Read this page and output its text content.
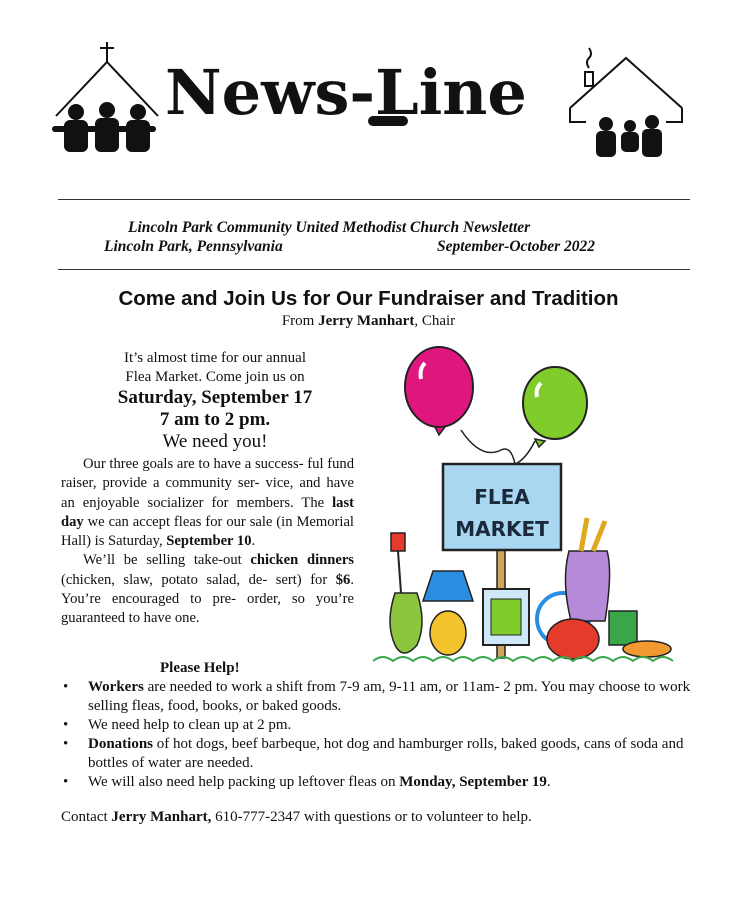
News-Line
Lincoln Park Community United Methodist Church Newsletter
Lincoln Park, Pennsylvania	September-October 2022
Come and Join Us for Our Fundraiser and Tradition
From Jerry Manhart, Chair
It’s almost time for our annual
Flea Market. Come join us on
Saturday, September 17
7 am to 2 pm.
We need you!

Our three goals are to have a success- ful fund raiser, provide a community ser- vice, and have an enjoyable socializer for members. The last day we can accept fleas for our sale (in Memorial Hall) is Saturday, September 10.

We’ll be selling take-out chicken dinners (chicken, slaw, potato salad, de- sert) for $6. You’re encouraged to pre- order, so you’re guaranteed to have one.

FLEA
MARKET
Please Help!
• Workers are needed to work a shift from 7-9 am, 9-11 am, or 11am- 2 pm. You may choose to work selling fleas, food, books, or baked goods.
• We need help to clean up at 2 pm.
• Donations of hot dogs, beef barbeque, hot dog and hamburger rolls, baked goods, cans of soda and bottles of water are needed.
• We will also need help packing up leftover fleas on Monday, September 19.
Contact Jerry Manhart, 610-777-2347 with questions or to volunteer to help.
